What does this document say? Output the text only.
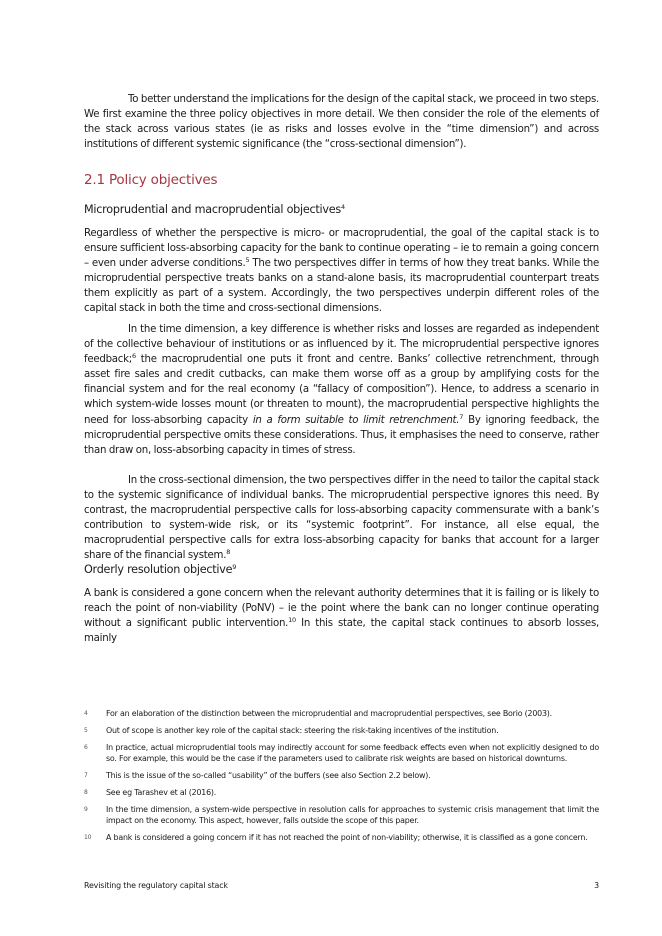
To better understand the implications for the design of the capital stack, we proceed in two steps. We first examine the three policy objectives in more detail. We then consider the role of the elements of the stack across various states (ie as risks and losses evolve in the “time dimension”) and across institutions of different systemic significance (the “cross-sectional dimension”).

2.1 Policy objectives
Microprudential and macroprudential objectives$^4$

Regardless of whether the perspective is micro- or macroprudential, the goal of the capital stack is to ensure sufficient loss-absorbing capacity for the bank to continue operating – ie to remain a going concern – even under adverse conditions.$^5$ The two perspectives differ in terms of how they treat banks. While the microprudential perspective treats banks on a stand-alone basis, its macroprudential counterpart treats them explicitly as part of a system. Accordingly, the two perspectives underpin different roles of the capital stack in both the time and cross-sectional dimensions.

In the time dimension, a key difference is whether risks and losses are regarded as independent of the collective behaviour of institutions or as influenced by it. The microprudential perspective ignores feedback;$^6$ the macroprudential one puts it front and centre. Banks’ collective retrenchment, through asset fire sales and credit cutbacks, can make them worse off as a group by amplifying costs for the financial system and for the real economy (a “fallacy of composition”). Hence, to address a scenario in which system-wide losses mount (or threaten to mount), the macroprudential perspective highlights the need for loss-absorbing capacity in a form suitable to limit retrenchment.$^7$ By ignoring feedback, the microprudential perspective omits these considerations. Thus, it emphasises the need to conserve, rather than draw on, loss-absorbing capacity in times of stress.

In the cross-sectional dimension, the two perspectives differ in the need to tailor the capital stack to the systemic significance of individual banks. The microprudential perspective ignores this need. By contrast, the macroprudential perspective calls for loss-absorbing capacity commensurate with a bank’s contribution to system-wide risk, or its “systemic footprint”. For instance, all else equal, the macroprudential perspective calls for extra loss-absorbing capacity for banks that account for a larger share of the financial system.$^8$

Orderly resolution objective$^9$

A bank is considered a gone concern when the relevant authority determines that it is failing or is likely to reach the point of non-viability (PoNV) – ie the point where the bank can no longer continue operating without a significant public intervention.$^{10}$ In this state, the capital stack continues to absorb losses, mainly

4	For an elaboration of the distinction between the microprudential and macroprudential perspectives, see Borio (2003).
5	Out of scope is another key role of the capital stack: steering the risk-taking incentives of the institution.
6	In practice, actual microprudential tools may indirectly account for some feedback effects even when not explicitly designed to do so. For example, this would be the case if the parameters used to calibrate risk weights are based on historical downturns.
7	This is the issue of the so-called “usability” of the buffers (see also Section 2.2 below).
8	See eg Tarashev et al (2016).
9	In the time dimension, a system-wide perspective in resolution calls for approaches to systemic crisis management that limit the impact on the economy. This aspect, however, falls outside the scope of this paper.
10	A bank is considered a going concern if it has not reached the point of non-viability; otherwise, it is classified as a gone concern.
Revisiting the regulatory capital stack	3
